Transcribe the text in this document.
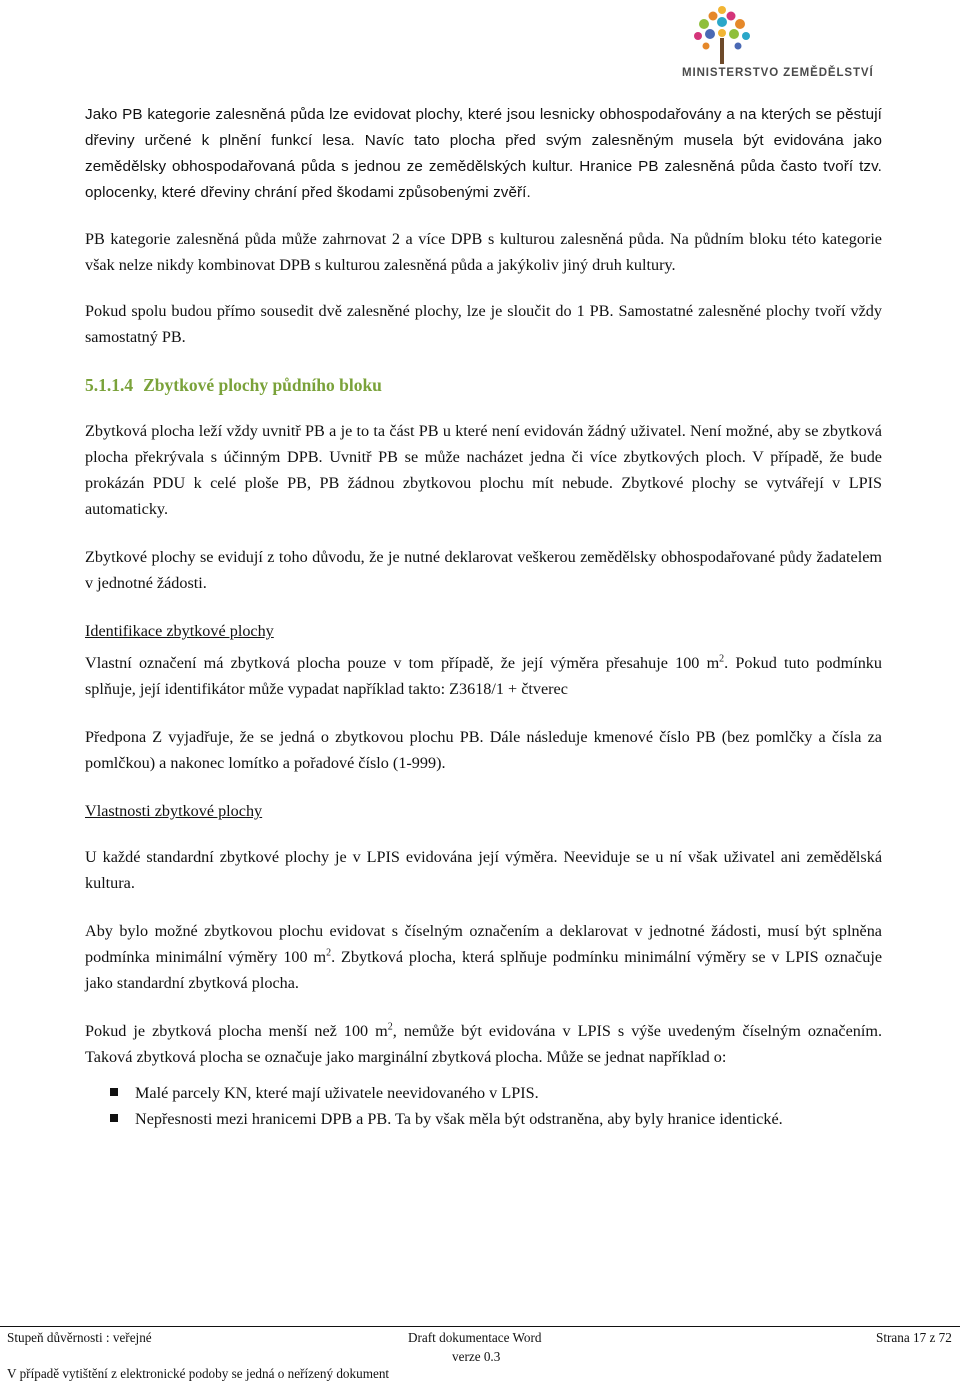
MINISTERSTVO ZEMĚDĚLSTVÍ

Jako PB kategorie zalesněná půda lze evidovat plochy, které jsou lesnicky obhospodařovány a na kterých se pěstují dřeviny určené k plnění funkcí lesa. Navíc tato plocha před svým zalesněným musela být evidována jako zemědělsky obhospodařovaná půda s jednou ze zemědělských kultur. Hranice PB zalesněná půda často tvoří tzv. oplocenky, které dřeviny chrání před škodami způsobenými zvěří.

PB kategorie zalesněná půda může zahrnovat 2 a více DPB s kulturou zalesněná půda. Na půdním bloku této kategorie však nelze nikdy kombinovat DPB s kulturou zalesněná půda a jakýkoliv jiný druh kultury.

Pokud spolu budou přímo sousedit dvě zalesněné plochy, lze je sloučit do 1 PB. Samostatné zalesněné plochy tvoří vždy samostatný PB.

5.1.1.4 Zbytkové plochy půdního bloku

Zbytková plocha leží vždy uvnitř PB a je to ta část PB u které není evidován žádný uživatel. Není možné, aby se zbytková plocha překrývala s účinným DPB. Uvnitř PB se může nacházet jedna či více zbytkových ploch. V případě, že bude prokázán PDU k celé ploše PB, PB žádnou zbytkovou plochu mít nebude. Zbytkové plochy se vytvářejí v LPIS automaticky.

Zbytkové plochy se evidují z toho důvodu, že je nutné deklarovat veškerou zemědělsky obhospodařované půdy žadatelem v jednotné žádosti.

Identifikace zbytkové plochy

Vlastní označení má zbytková plocha pouze v tom případě, že její výměra přesahuje 100 $m^2$. Pokud tuto podmínku splňuje, její identifikátor může vypadat například takto: Z3618/1 + čtverec

Předpona Z vyjadřuje, že se jedná o zbytkovou plochu PB. Dále následuje kmenové číslo PB (bez pomlčky a čísla za pomlčkou) a nakonec lomítko a pořadové číslo (1-999).

Vlastnosti zbytkové plochy

U každé standardní zbytkové plochy je v LPIS evidována její výměra. Neeviduje se u ní však uživatel ani zemědělská kultura.

Aby bylo možné zbytkovou plochu evidovat s číselným označením a deklarovat v jednotné žádosti, musí být splněna podmínka minimální výměry 100 $m^2$. Zbytková plocha, která splňuje podmínku minimální výměry se v LPIS označuje jako standardní zbytková plocha.

Pokud je zbytková plocha menší než 100 $m^2$, nemůže být evidována v LPIS s výše uvedeným číselným označením. Taková zbytková plocha se označuje jako marginální zbytková plocha. Může se jednat například o:

Malé parcely KN, které mají uživatele neevidovaného v LPIS.
Nepřesnosti mezi hranicemi DPB a PB. Ta by však měla být odstraněna, aby byly hranice identické.
Stupeň důvěrnosti : veřejné	Draft dokumentace Word	Strana 17 z 72
verze 0.3
V případě vytištění z elektronické podoby se jedná o neřízený dokument
